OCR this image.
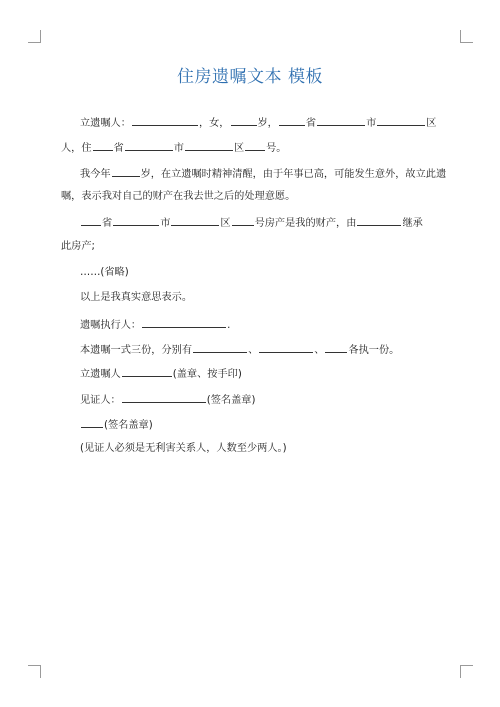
住房遗嘱文本 模板
立遗嘱人：	，女，	岁，	省	市	区
人，住 省	市	区 号。
我今年	岁，在立遗嘱时精神清醒，由于年事已高，可能发生意外，故立此遗
嘱，表示我对自己的财产在我去世之后的处理意愿。
省	市	区 号房产是我的财产，由	继承
此房产;
……(省略)
以上是我真实意思表示。
遗嘱执行人：	.
本遗嘱一式三份，分别有	、	、 各执一份。
立遗嘱人	(盖章、按手印)
见证人：	(签名盖章)
(签名盖章)
(见证人必须是无利害关系人，人数至少两人。)
